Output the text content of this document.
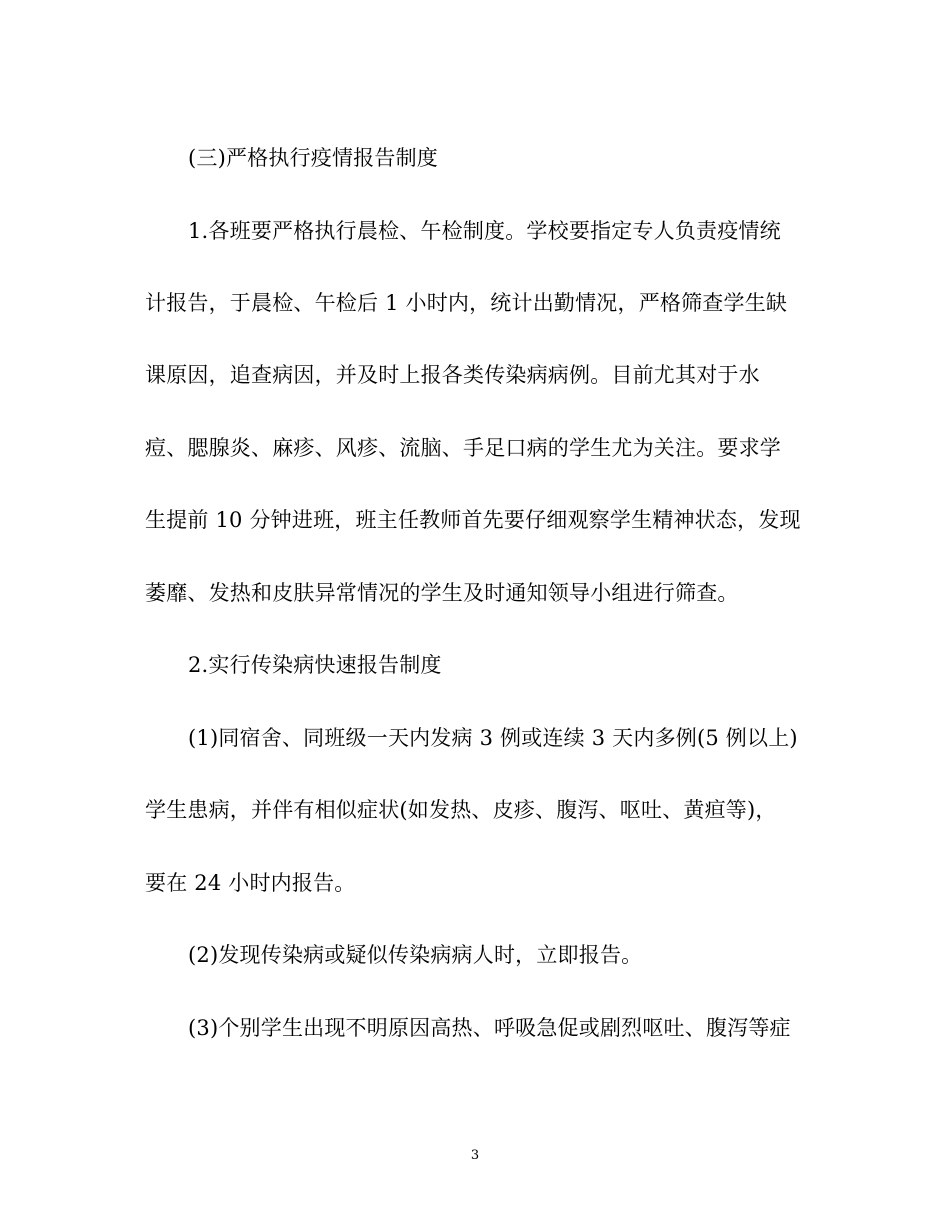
(三)严格执行疫情报告制度
1.各班要严格执行晨检、午检制度。学校要指定专人负责疫情统
计报告，于晨检、午检后 1 小时内，统计出勤情况，严格筛查学生缺
课原因，追查病因，并及时上报各类传染病病例。目前尤其对于水
痘、腮腺炎、麻疹、风疹、流脑、手足口病的学生尤为关注。要求学
生提前 10 分钟进班，班主任教师首先要仔细观察学生精神状态，发现
萎靡、发热和皮肤异常情况的学生及时通知领导小组进行筛查。
2.实行传染病快速报告制度
(1)同宿舍、同班级一天内发病 3 例或连续 3 天内多例(5 例以上)
学生患病，并伴有相似症状(如发热、皮疹、腹泻、呕吐、黄疸等)，
要在 24 小时内报告。
(2)发现传染病或疑似传染病病人时，立即报告。
(3)个别学生出现不明原因高热、呼吸急促或剧烈呕吐、腹泻等症
3
